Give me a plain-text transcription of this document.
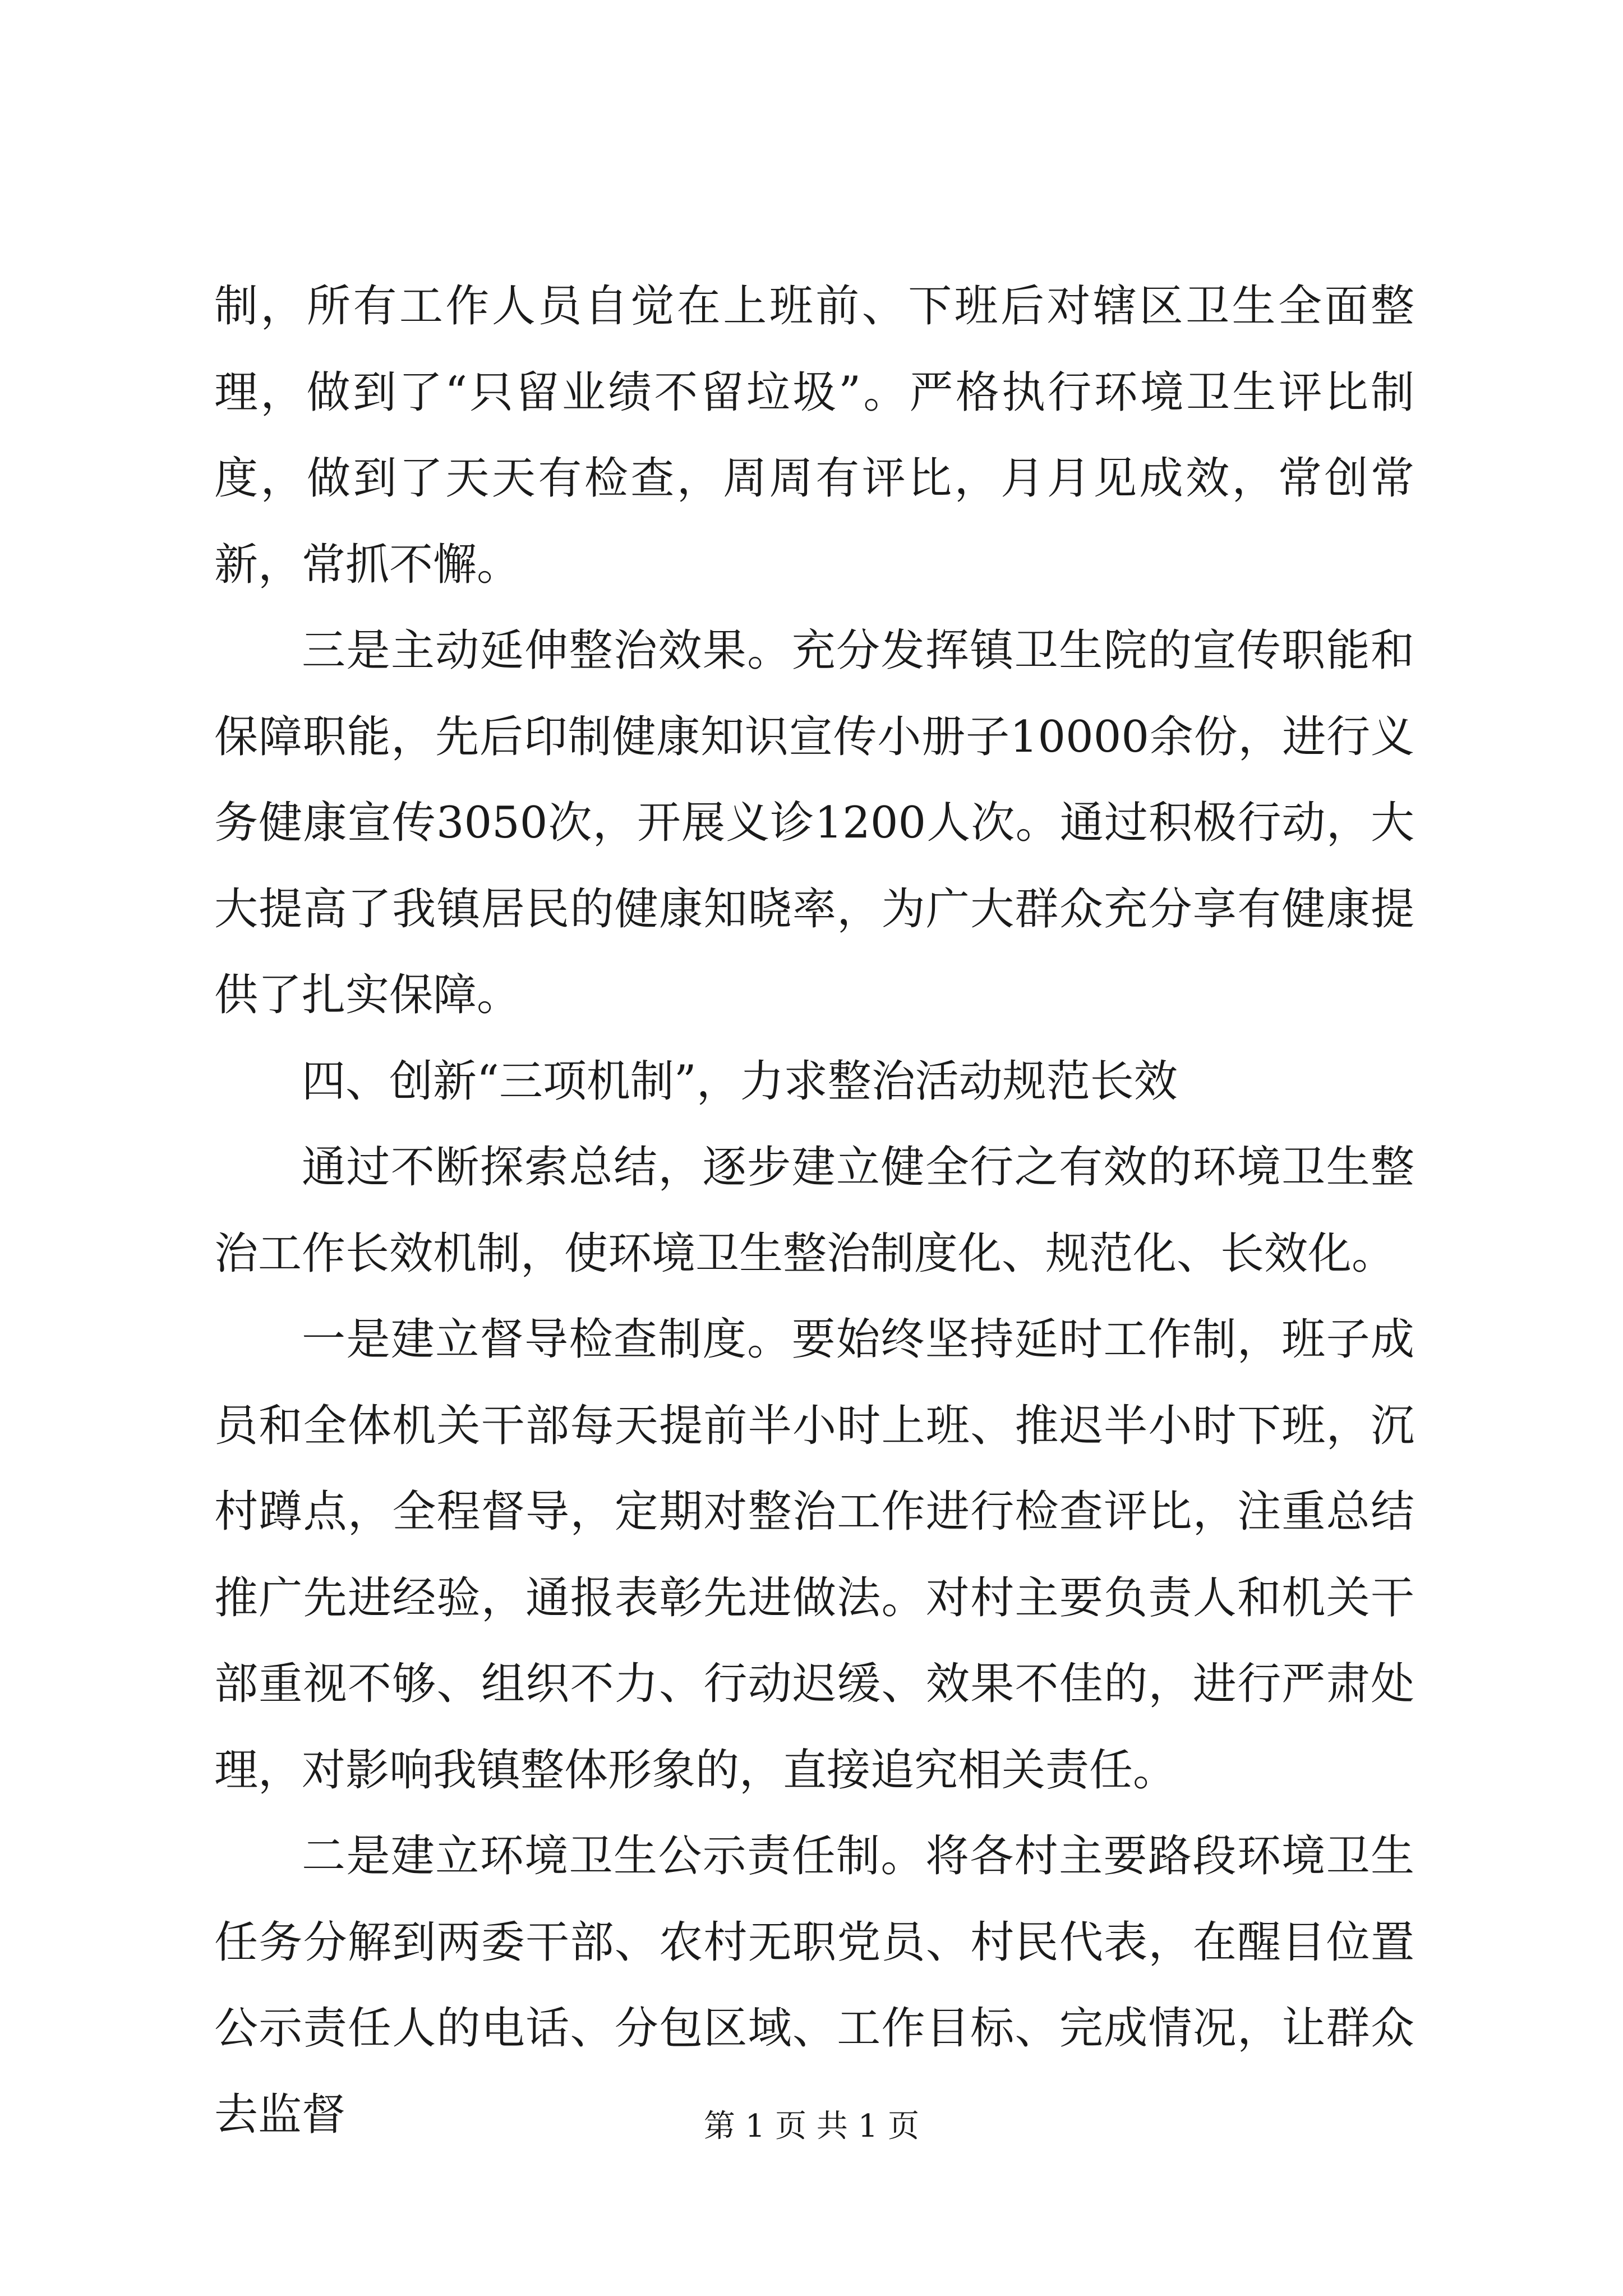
制，所有工作人员自觉在上班前、下班后对辖区卫生全面整理，做到了“只留业绩不留垃圾”。严格执行环境卫生评比制度，做到了天天有检查，周周有评比，月月见成效，常创常新，常抓不懈。

三是主动延伸整治效果。充分发挥镇卫生院的宣传职能和保障职能，先后印制健康知识宣传小册子10000余份，进行义务健康宣传3050次，开展义诊1200人次。通过积极行动，大大提高了我镇居民的健康知晓率，为广大群众充分享有健康提供了扎实保障。

四、创新“三项机制”，力求整治活动规范长效

通过不断探索总结，逐步建立健全行之有效的环境卫生整治工作长效机制，使环境卫生整治制度化、规范化、长效化。

一是建立督导检查制度。要始终坚持延时工作制，班子成员和全体机关干部每天提前半小时上班、推迟半小时下班，沉村蹲点，全程督导，定期对整治工作进行检查评比，注重总结推广先进经验，通报表彰先进做法。对村主要负责人和机关干部重视不够、组织不力、行动迟缓、效果不佳的，进行严肃处理，对影响我镇整体形象的，直接追究相关责任。

二是建立环境卫生公示责任制。将各村主要路段环境卫生任务分解到两委干部、农村无职党员、村民代表，在醒目位置公示责任人的电话、分包区域、工作目标、完成情况，让群众去监督	第 1 页 共 1 页
